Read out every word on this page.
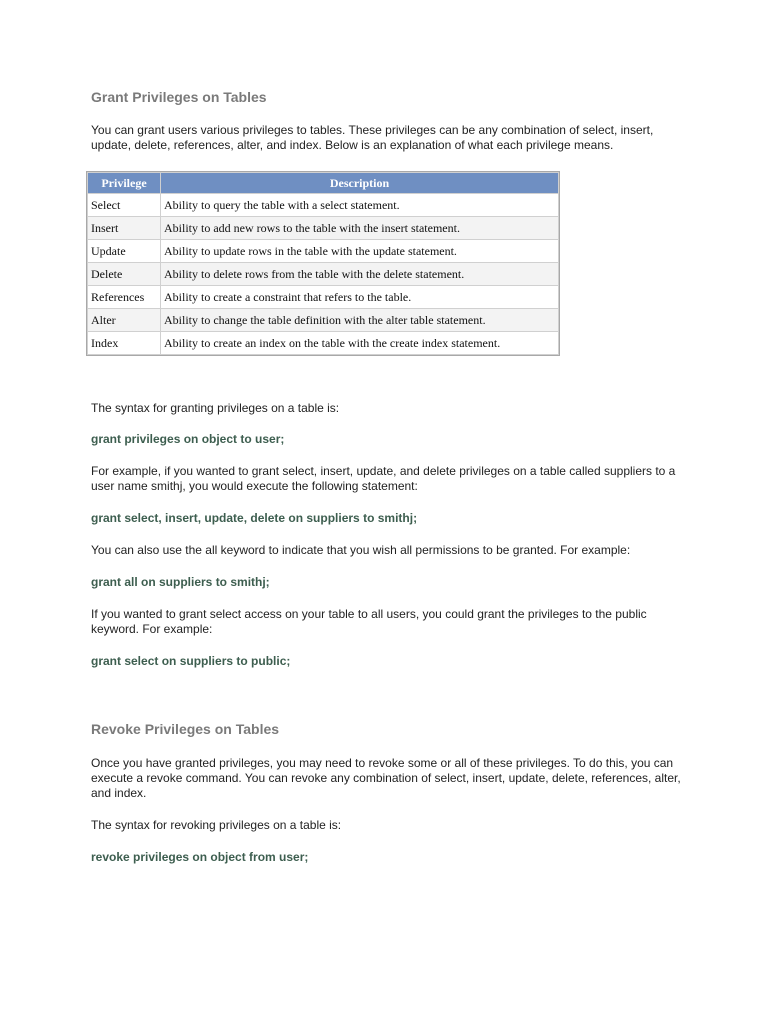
Grant Privileges on Tables

You can grant users various privileges to tables. These privileges can be any combination of select, insert, update, delete, references, alter, and index. Below is an explanation of what each privilege means.

Privilege	Description
Select	Ability to query the table with a select statement.
Insert	Ability to add new rows to the table with the insert statement.
Update	Ability to update rows in the table with the update statement.
Delete	Ability to delete rows from the table with the delete statement.
References	Ability to create a constraint that refers to the table.
Alter	Ability to change the table definition with the alter table statement.
Index	Ability to create an index on the table with the create index statement.

The syntax for granting privileges on a table is:

grant privileges on object to user;

For example, if you wanted to grant select, insert, update, and delete privileges on a table called suppliers to a user name smithj, you would execute the following statement:

grant select, insert, update, delete on suppliers to smithj;

You can also use the all keyword to indicate that you wish all permissions to be granted. For example:

grant all on suppliers to smithj;

If you wanted to grant select access on your table to all users, you could grant the privileges to the public keyword. For example:

grant select on suppliers to public;

Revoke Privileges on Tables

Once you have granted privileges, you may need to revoke some or all of these privileges. To do this, you can execute a revoke command. You can revoke any combination of select, insert, update, delete, references, alter, and index.

The syntax for revoking privileges on a table is:

revoke privileges on object from user;
